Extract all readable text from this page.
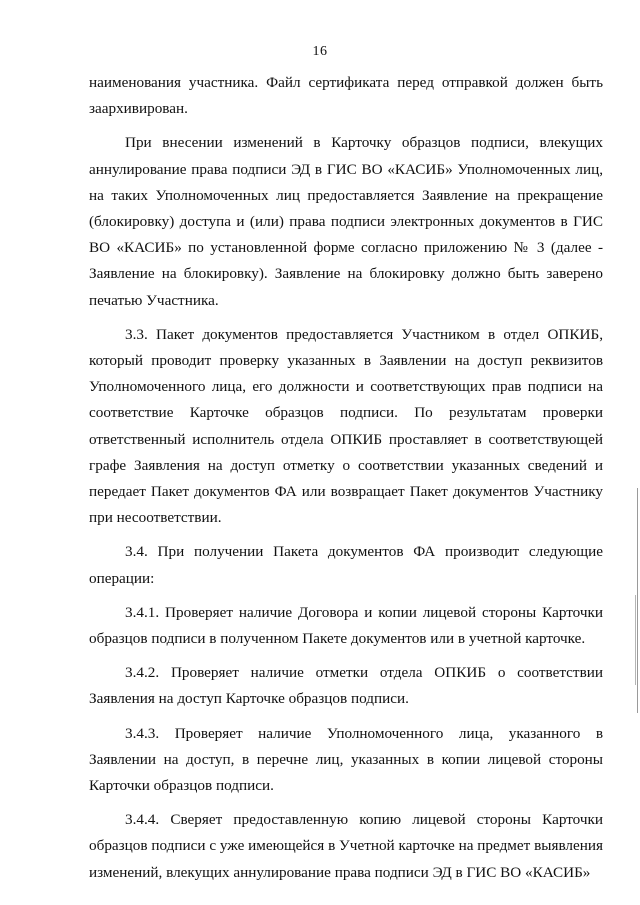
16

наименования участника. Файл сертификата перед отправкой должен быть заархивирован.

При внесении изменений в Карточку образцов подписи, влекущих аннулирование права подписи ЭД в ГИС ВО «КАСИБ» Уполномоченных лиц, на таких Уполномоченных лиц предоставляется Заявление на прекращение (блокировку) доступа и (или) права подписи электронных документов в ГИС ВО «КАСИБ» по установленной форме согласно приложению № 3 (далее - Заявление на блокировку). Заявление на блокировку должно быть заверено печатью Участника.

3.3. Пакет документов предоставляется Участником в отдел ОПКИБ, который проводит проверку указанных в Заявлении на доступ реквизитов Уполномоченного лица, его должности и соответствующих прав подписи на соответствие Карточке образцов подписи. По результатам проверки ответственный исполнитель отдела ОПКИБ проставляет в соответствующей графе Заявления на доступ отметку о соответствии указанных сведений и передает Пакет документов ФА или возвращает Пакет документов Участнику при несоответствии.

3.4. При получении Пакета документов ФА производит следующие операции:

3.4.1. Проверяет наличие Договора и копии лицевой стороны Карточки образцов подписи в полученном Пакете документов или в учетной карточке.

3.4.2. Проверяет наличие отметки отдела ОПКИБ о соответствии Заявления на доступ Карточке образцов подписи.

3.4.3. Проверяет наличие Уполномоченного лица, указанного в Заявлении на доступ, в перечне лиц, указанных в копии лицевой стороны Карточки образцов подписи.

3.4.4. Сверяет предоставленную копию лицевой стороны Карточки образцов подписи с уже имеющейся в Учетной карточке на предмет выявления изменений, влекущих аннулирование права подписи ЭД в ГИС ВО «КАСИБ»
